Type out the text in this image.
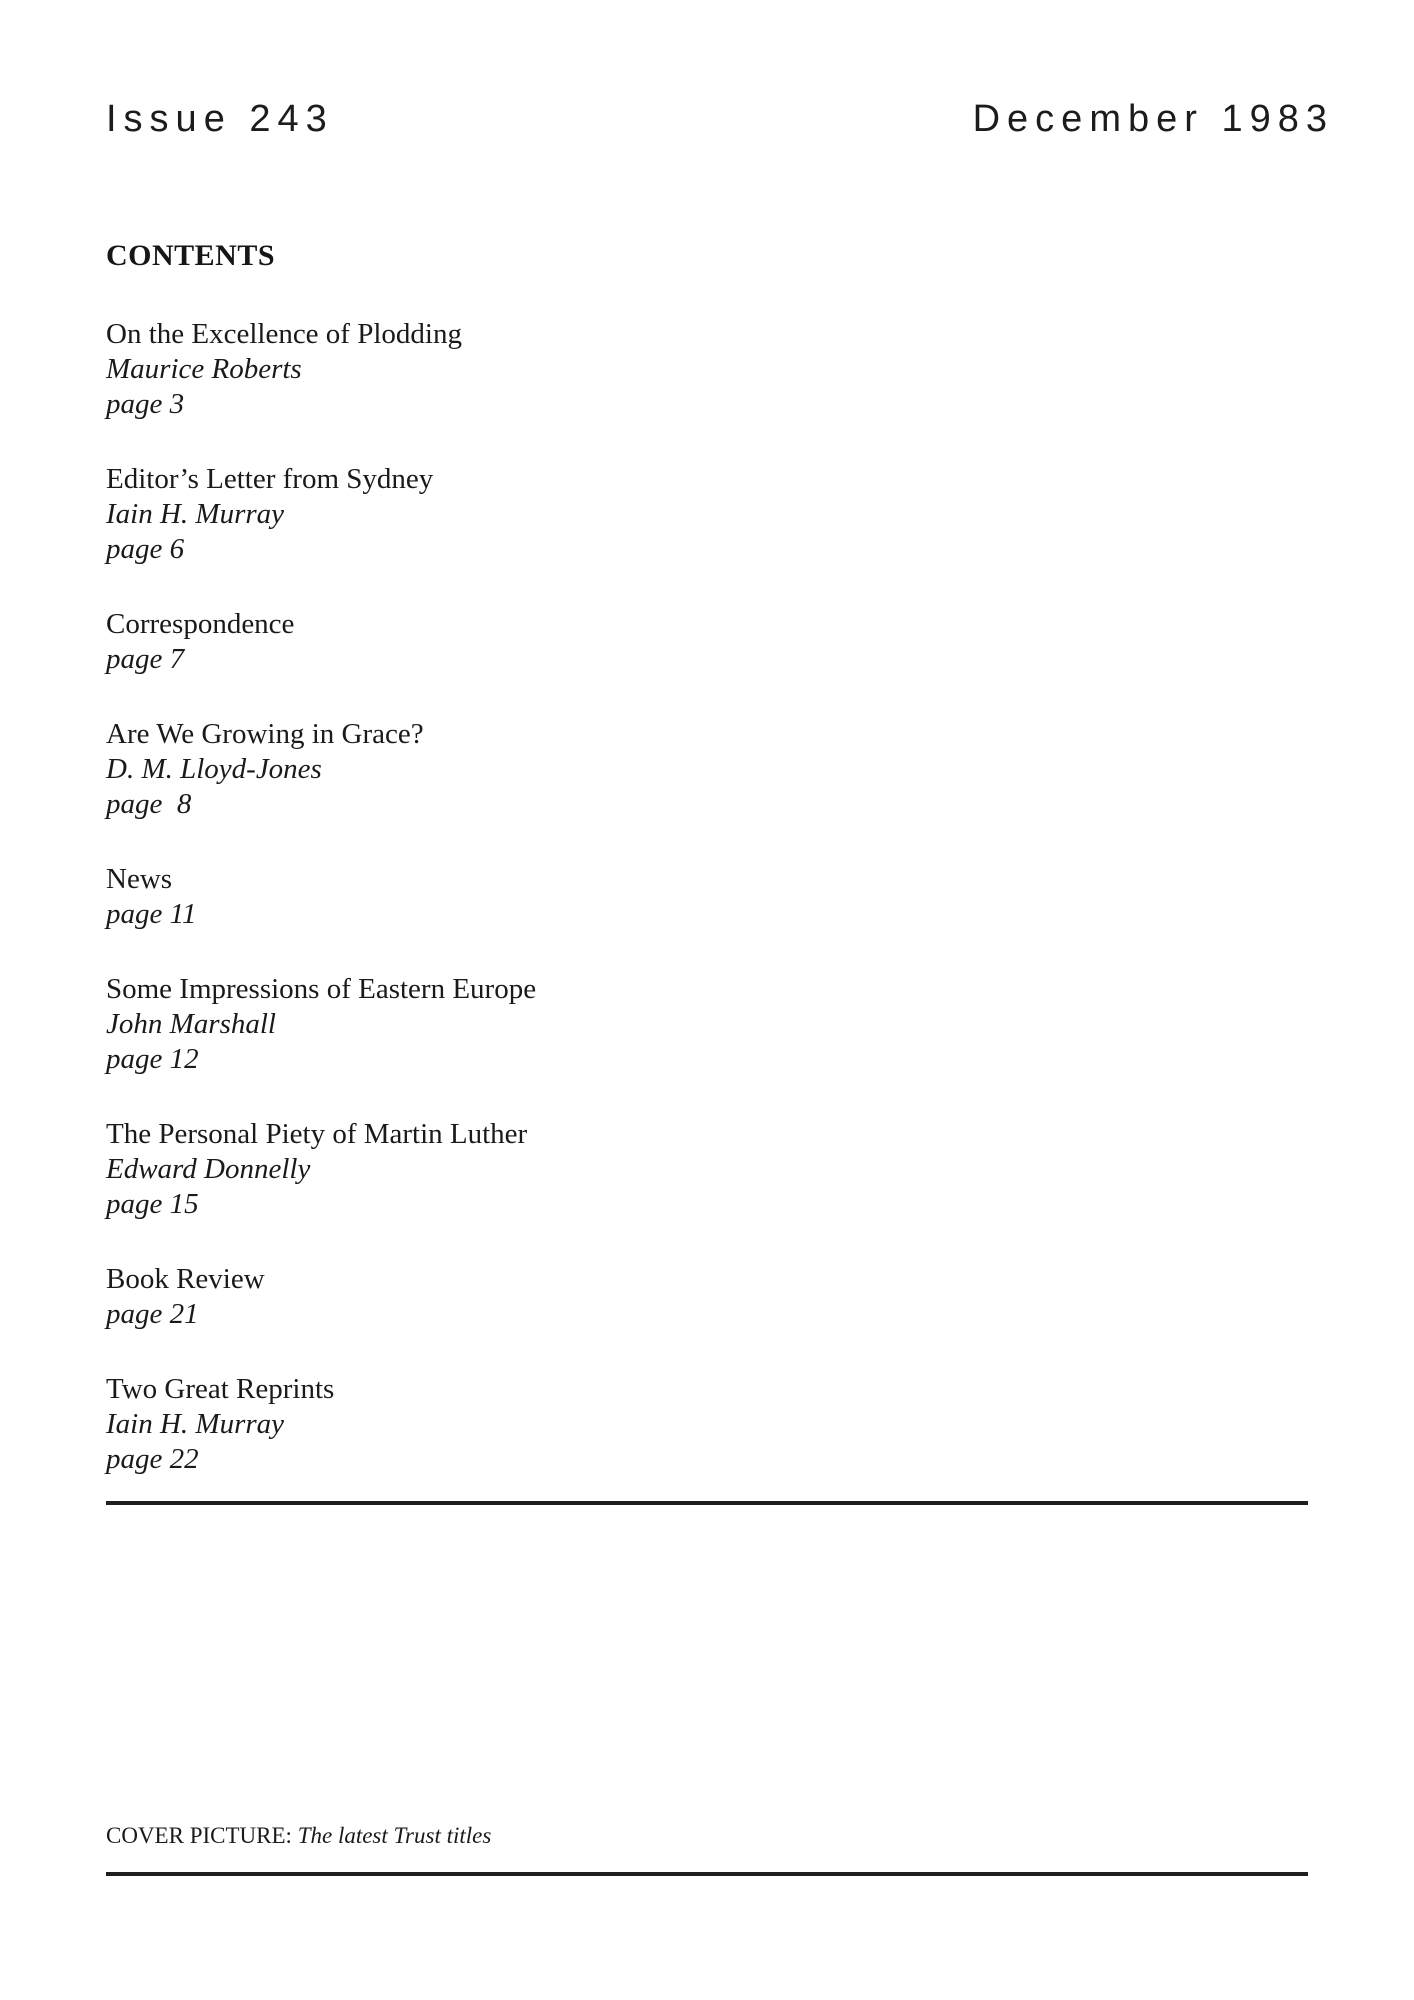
Issue 243	December 1983
CONTENTS
On the Excellence of Plodding
Maurice Roberts
page 3
Editor’s Letter from Sydney
Iain H. Murray
page 6
Correspondence
page 7
Are We Growing in Grace?
D. M. Lloyd-Jones
page  8
News
page 11
Some Impressions of Eastern Europe
John Marshall
page 12
The Personal Piety of Martin Luther
Edward Donnelly
page 15
Book Review
page 21
Two Great Reprints
Iain H. Murray
page 22
COVER PICTURE: The latest Trust titles
